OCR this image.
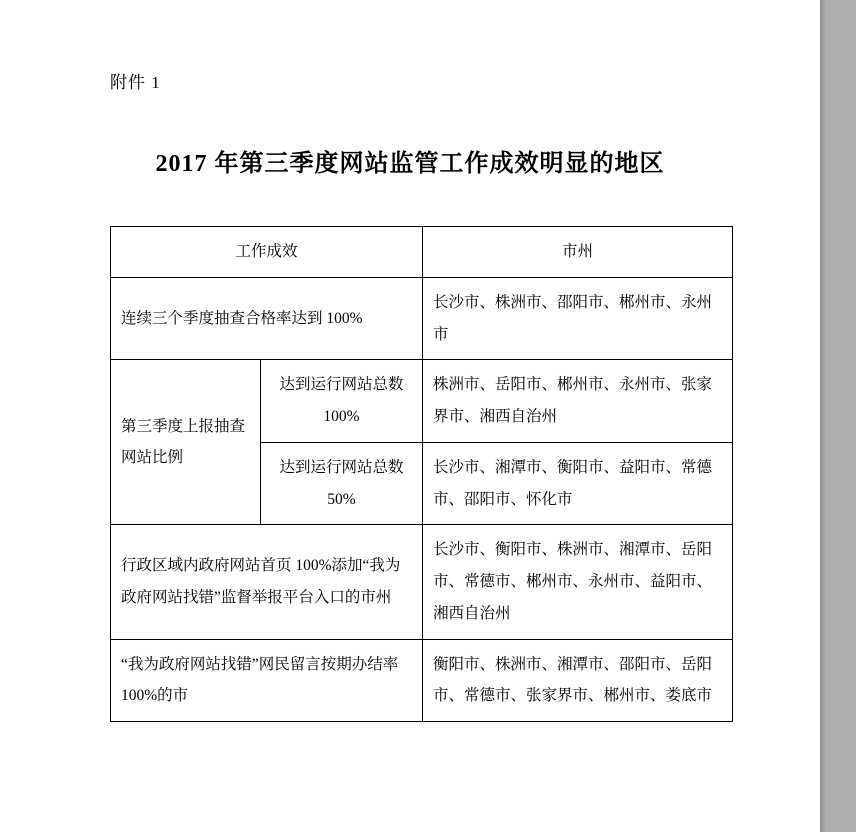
附件 1
2017 年第三季度网站监管工作成效明显的地区
工作成效		市州
连续三个季度抽查合格率达到 100%		长沙市、株洲市、邵阳市、郴州市、永州市
第三季度上报抽查网站比例	达到运行网站总数 100%	株洲市、岳阳市、郴州市、永州市、张家界市、湘西自治州
	达到运行网站总数 50%	长沙市、湘潭市、衡阳市、益阳市、常德市、邵阳市、怀化市
行政区域内政府网站首页 100%添加“我为政府网站找错”监督举报平台入口的市州		长沙市、衡阳市、株洲市、湘潭市、岳阳市、常德市、郴州市、永州市、益阳市、湘西自治州
“我为政府网站找错”网民留言按期办结率 100%的市		衡阳市、株洲市、湘潭市、邵阳市、岳阳市、常德市、张家界市、郴州市、娄底市
